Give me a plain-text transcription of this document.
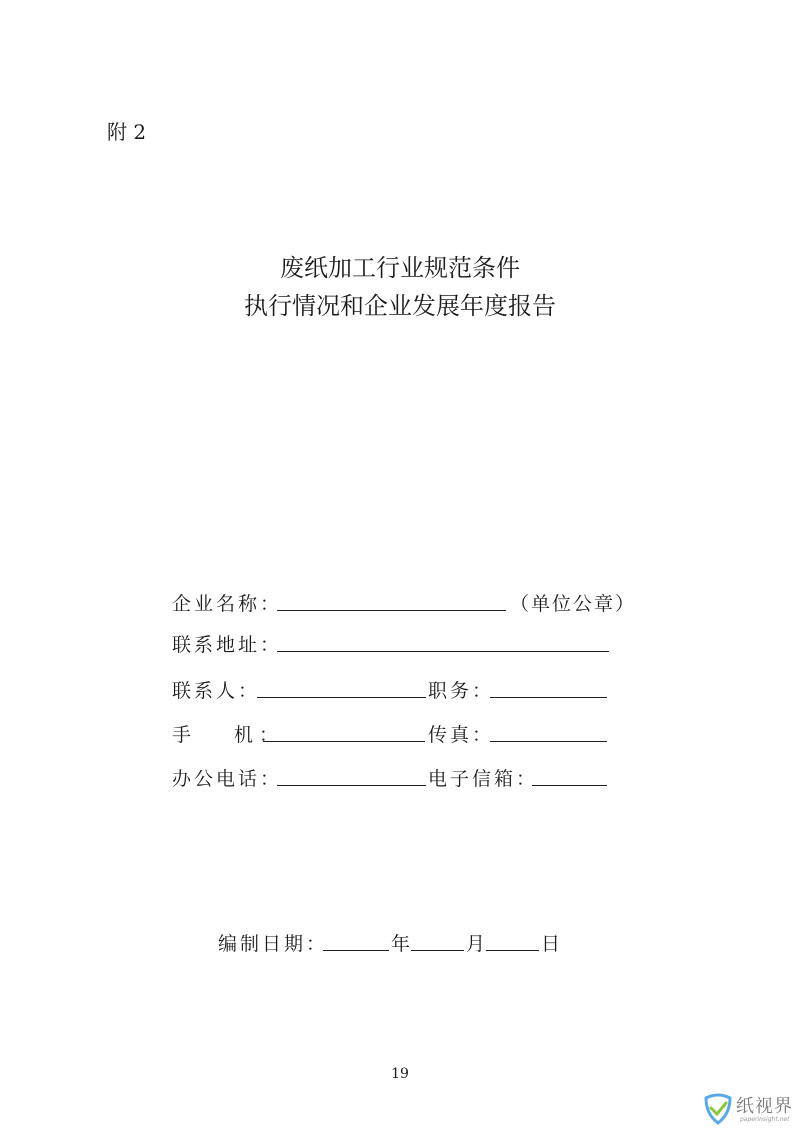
附 2
废纸加工行业规范条件
执行情况和企业发展年度报告
企业名称：	（单位公章）
联系地址：
联系人：	职务：
手　 机：	传真：
办公电话：	电子信箱：
编制日期：	年	月	日
19
纸视界
paperinsight.net
